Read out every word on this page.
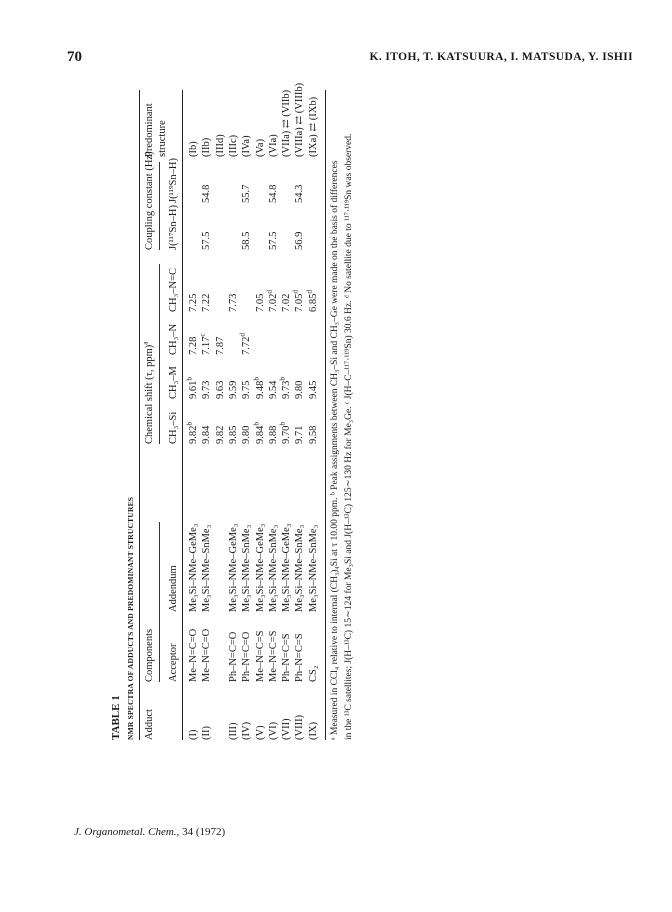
70	K. ITOH, T. KATSUURA, I. MATSUDA, Y. ISHII
TABLE 1 NMR SPECTRA OF ADDUCTS AND PREDOMINANT STRUCTURES Adduct
Components
Chemical shift (τ, ppm)$^a$
Coupling constant (Hz)
Predominant structure
Acceptor
Addendum
CH₃–Si
CH₃–M
CH₃–N
CH₃–N=C
J(¹¹⁷Sn–H)
J(¹¹⁹Sn–H)
(I)
Me–N=C=O
Me₃Si–NMe–GeMe₃
9.82$^b$
9.61$^b$
7.28
7.25
(Ib)
(II)
Me–N=C=O
Me₃Si–NMe–SnMe₃
9.84
9.73
7.17$^c$
7.22
57.5
54.8
(IIb)
9.82
9.63
7.87
(IIId)
(III)
Ph–N=C=O
Me₃Si–NMe–GeMe₃
9.85
9.59
7.73
(IIIc)
(IV)
Ph–N=C=O
Me₃Si–NMe–SnMe₃
9.80
9.75
7.72$^d$
58.5
55.7
(IVa)
(V)
Me–N=C=S
Me₃Si–NMe–GeMe₃
9.84$^b$
9.48$^b$
7.05
(Va)
(VI)
Me–N=C=S
Me₃Si–NMe–SnMe₃
9.88
9.54
7.02$^d$
57.5
54.8
(VIa)
(VII)
Ph–N=C=S
Me₃Si–NMe–GeMe₃
9.70$^b$
9.73$^b$
7.02
(VIIa) ⇄ (VIIb)
(VIII)
Ph–N=C=S
Me₃Si–NMe–SnMe₃
9.71
9.80
7.05$^d$
56.9
54.3
(VIIIa) ⇄ (VIIIb)
(IX)
CS₂
Me₃Si–NMe–SnMe₃
9.58
9.45
6.85$^d$
(IXa) ⇄ (IXb)
ᵃ Measured in CCl₄ relative to internal (CH₃)₄Si at τ 10.00 ppm. ᵇ Peak assignments between CH₃–Si and CH₃–Ge were made on the basis of differences in the ¹³C satellites; J(H–¹³C) 15∼124 for Me₃Si and J(H–¹³C) 125∼130 Hz for Me₃Ge. ᶜ J(H–C–¹¹⁷·¹¹⁹Sn) 30.6 Hz. ᵈ No satellite due to ¹¹⁷·¹¹⁹Sn was observed.
J. Organometal. Chem., 34 (1972)
